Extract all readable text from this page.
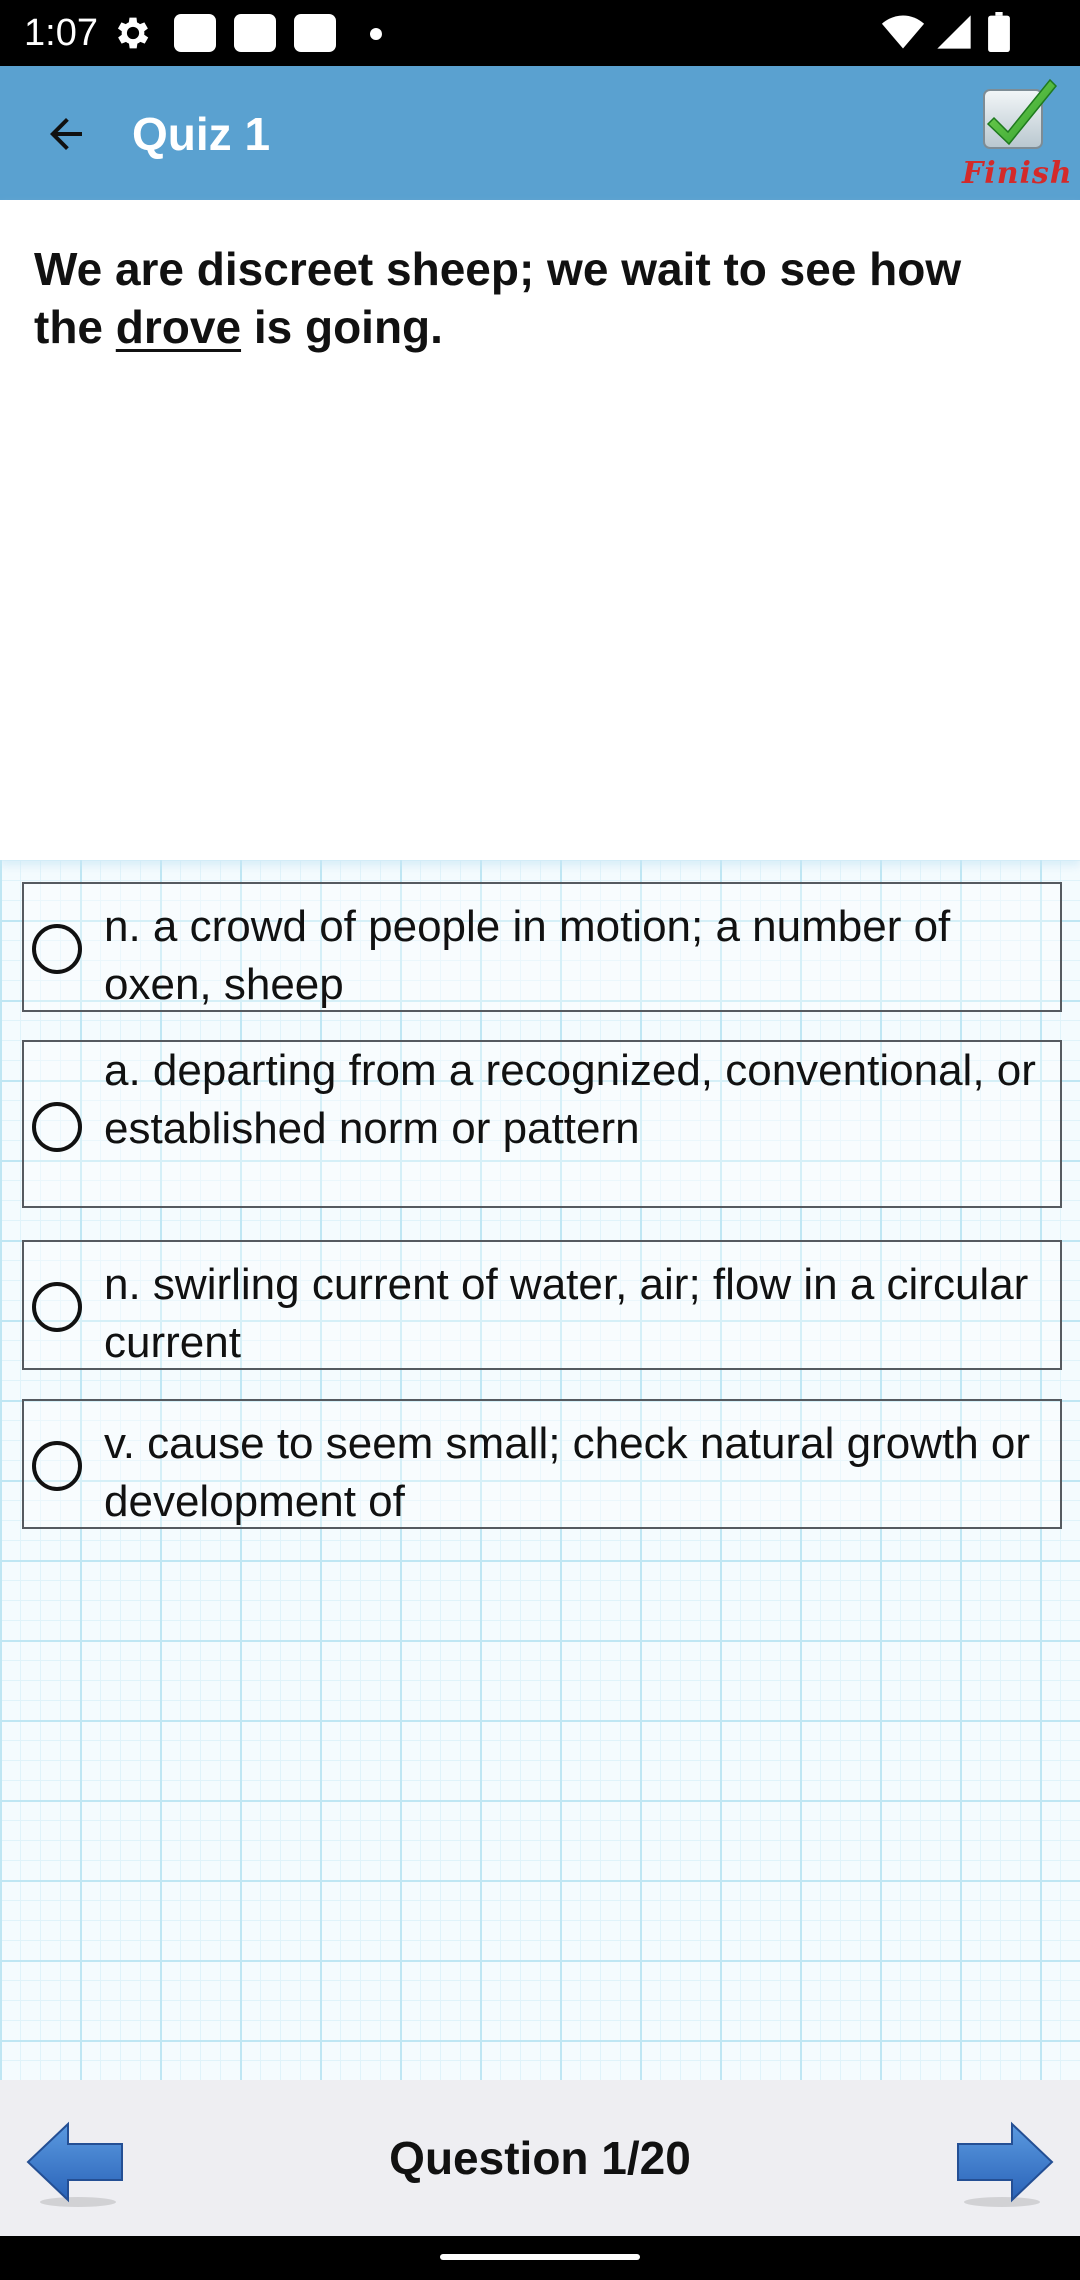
1:07
Quiz 1
Finish
We are discreet sheep; we wait to see how the drove is going.
n. a crowd of people in motion; a number of oxen, sheep
a. departing from a recognized, conventional, or established norm or pattern
n. swirling current of water, air; flow in a circular current
v. cause to seem small; check natural growth or development of
Question 1/20
